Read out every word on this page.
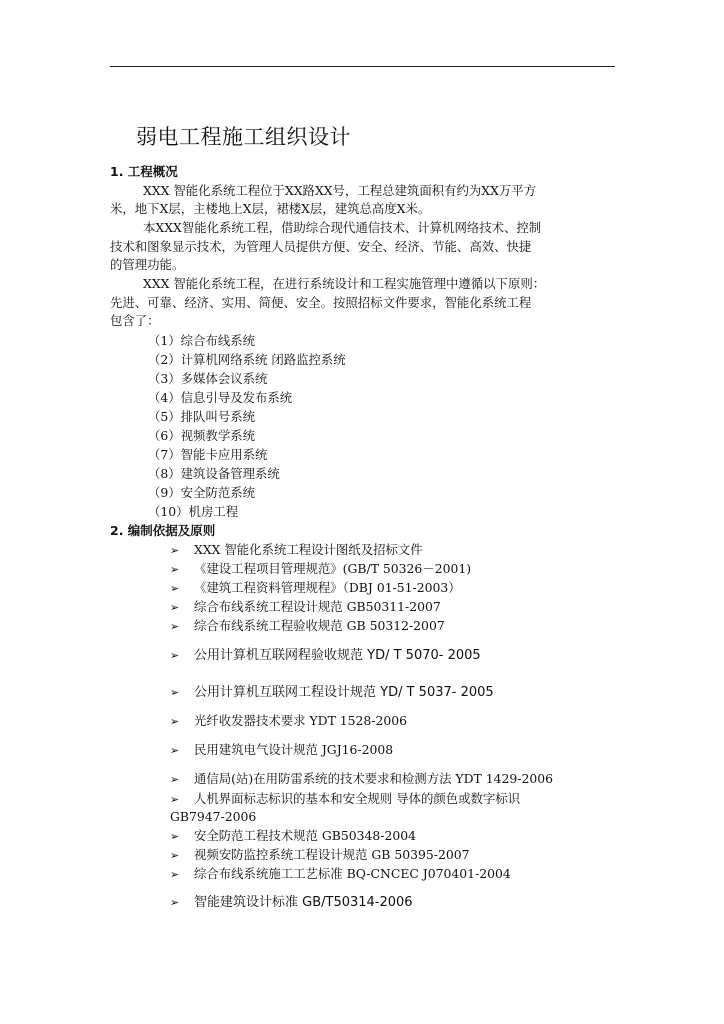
弱电工程施工组织设计
1. 工程概况
XXX 智能化系统工程位于XX路XX号，工程总建筑面积有约为XX万平方
米，地下X层，主楼地上X层，裙楼X层，建筑总高度X米。
本XXX智能化系统工程，借助综合现代通信技术、计算机网络技术、控制
技术和图象显示技术，为管理人员提供方便、安全、经济、节能、高效、快捷
的管理功能。
XXX 智能化系统工程，在进行系统设计和工程实施管理中遵循以下原则：
先进、可靠、经济、实用、简便、安全。按照招标文件要求，智能化系统工程
包含了：
（1）综合布线系统
（2）计算机网络系统 闭路监控系统
（3）多媒体会议系统
（4）信息引导及发布系统
（5）排队叫号系统
（6）视频教学系统
（7）智能卡应用系统
（8）建筑设备管理系统
（9）安全防范系统
（10）机房工程
2. 编制依据及原则
➢ XXX 智能化系统工程设计图纸及招标文件
➢ 《建设工程项目管理规范》(GB/T 50326－2001)
➢ 《建筑工程资料管理规程》（DBJ 01-51-2003）
➢ 综合布线系统工程设计规范 GB50311-2007
➢ 综合布线系统工程验收规范 GB 50312-2007
➢ 公用计算机互联网程验收规范 YD/ T 5070- 2005
➢ 公用计算机互联网工程设计规范 YD/ T 5037- 2005
➢ 光纤收发器技术要求 YDT 1528-2006
➢ 民用建筑电气设计规范 JGJ16-2008
➢ 通信局(站)在用防雷系统的技术要求和检测方法 YDT 1429-2006
➢ 人机界面标志标识的基本和安全规则 导体的颜色或数字标识
GB7947-2006
➢ 安全防范工程技术规范 GB50348-2004
➢ 视频安防监控系统工程设计规范 GB 50395-2007
➢ 综合布线系统施工工艺标准 BQ-CNCEC J070401-2004
➢ 智能建筑设计标准 GB/T50314-2006
